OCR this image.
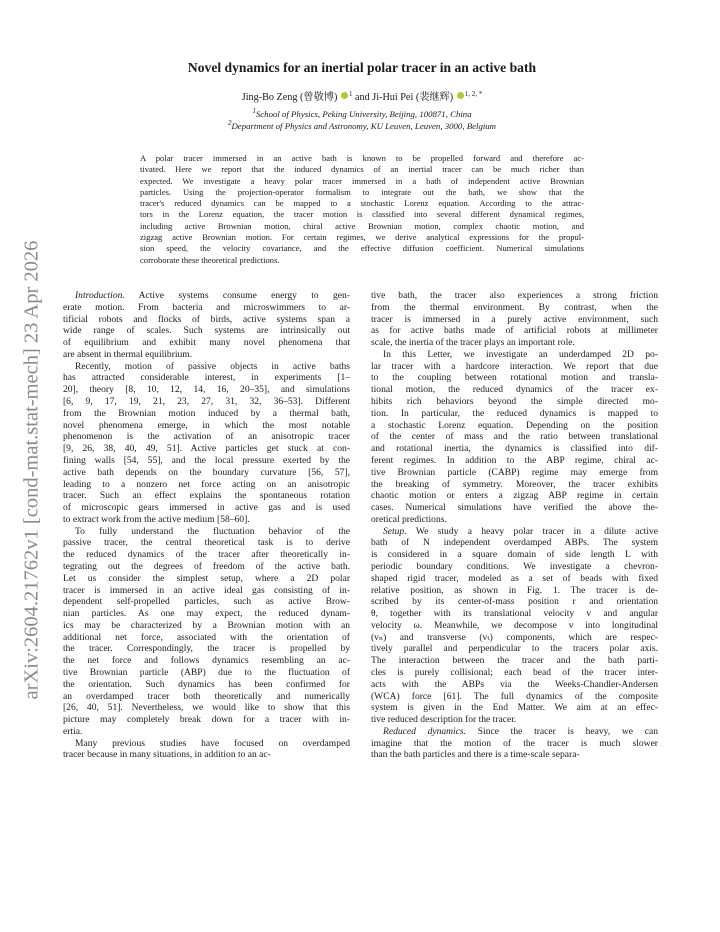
arXiv:2604.21762v1 [cond-mat.stat-mech] 23 Apr 2026
Novel dynamics for an inertial polar tracer in an active bath
Jing-Bo Zeng (曾敬博) $^1$ and Ji-Hui Pei (裴继辉) $^{1, 2, *}$
$^1$School of Physics, Peking University, Beijing, 100871, China
$^2$Department of Physics and Astronomy, KU Leuven, Leuven, 3000, Belgium
A polar tracer immersed in an active bath is known to be propelled forward and therefore ac-
tivated. Here we report that the induced dynamics of an inertial tracer can be much richer than
expected. We investigate a heavy polar tracer immersed in a bath of independent active Brownian
particles. Using the projection-operator formalism to integrate out the bath, we show that the
tracer's reduced dynamics can be mapped to a stochastic Lorenz equation. According to the attrac-
tors in the Lorenz equation, the tracer motion is classified into several different dynamical regimes,
including active Brownian motion, chiral active Brownian motion, complex chaotic motion, and
zigzag active Brownian motion. For certain regimes, we derive analytical expressions for the propul-
sion speed, the velocity covariance, and the effective diffusion coefficient. Numerical simulations
corroborate these theoretical predictions.
Introduction. Active systems consume energy to gen-
erate motion. From bacteria and microswimmers to ar-
tificial robots and flocks of birds, active systems span a
wide range of scales. Such systems are intrinsically out
of equilibrium and exhibit many novel phenomena that
are absent in thermal equilibrium.
Recently, motion of passive objects in active baths
has attracted considerable interest, in experiments [1–
20], theory [8, 10, 12, 14, 16, 20–35], and simulations
[6, 9, 17, 19, 21, 23, 27, 31, 32, 36–53]. Different
from the Brownian motion induced by a thermal bath,
novel phenomena emerge, in which the most notable
phenomenon is the activation of an anisotropic tracer
[9, 26, 38, 40, 49, 51]. Active particles get stuck at con-
fining walls [54, 55], and the local pressure exerted by the
active bath depends on the boundary curvature [56, 57],
leading to a nonzero net force acting on an anisotropic
tracer. Such an effect explains the spontaneous rotation
of microscopic gears immersed in active gas and is used
to extract work from the active medium [58–60].
To fully understand the fluctuation behavior of the
passive tracer, the central theoretical task is to derive
the reduced dynamics of the tracer after theoretically in-
tegrating out the degrees of freedom of the active bath.
Let us consider the simplest setup, where a 2D polar
tracer is immersed in an active ideal gas consisting of in-
dependent self-propelled particles, such as active Brow-
nian particles. As one may expect, the reduced dynam-
ics may be characterized by a Brownian motion with an
additional net force, associated with the orientation of
the tracer. Correspondingly, the tracer is propelled by
the net force and follows dynamics resembling an ac-
tive Brownian particle (ABP) due to the fluctuation of
the orientation. Such dynamics has been confirmed for
an overdamped tracer both theoretically and numerically
[26, 40, 51]. Nevertheless, we would like to show that this
picture may completely break down for a tracer with in-
ertia.
Many previous studies have focused on overdamped
tracer because in many situations, in addition to an ac-
tive bath, the tracer also experiences a strong friction
from the thermal environment. By contrast, when the
tracer is immersed in a purely active environment, such
as for active baths made of artificial robots at millimeter
scale, the inertia of the tracer plays an important role.
In this Letter, we investigate an underdamped 2D po-
lar tracer with a hardcore interaction. We report that due
to the coupling between rotational motion and transla-
tional motion, the reduced dynamics of the tracer ex-
hibits rich behaviors beyond the simple directed mo-
tion. In particular, the reduced dynamics is mapped to
a stochastic Lorenz equation. Depending on the position
of the center of mass and the ratio between translational
and rotational inertia, the dynamics is classified into dif-
ferent regimes. In addition to the ABP regime, chiral ac-
tive Brownian particle (CABP) regime may emerge from
the breaking of symmetry. Moreover, the tracer exhibits
chaotic motion or enters a zigzag ABP regime in certain
cases. Numerical simulations have verified the above the-
oretical predictions.
Setup. We study a heavy polar tracer in a dilute active
bath of N independent overdamped ABPs. The system
is considered in a square domain of side length L with
periodic boundary conditions. We investigate a chevron-
shaped rigid tracer, modeled as a set of beads with fixed
relative position, as shown in Fig. 1. The tracer is de-
scribed by its center-of-mass position r and orientation
θ, together with its translational velocity v and angular
velocity ω. Meanwhile, we decompose v into longitudinal
(vₙ) and transverse (vₜ) components, which are respec-
tively parallel and perpendicular to the tracers polar axis.
The interaction between the tracer and the bath parti-
cles is purely collisional; each bead of the tracer inter-
acts with the ABPs via the Weeks-Chandler-Andersen
(WCA) force [61]. The full dynamics of the composite
system is given in the End Matter. We aim at an effec-
tive reduced description for the tracer.
Reduced dynamics. Since the tracer is heavy, we can
imagine that the motion of the tracer is much slower
than the bath particles and there is a time-scale separa-
